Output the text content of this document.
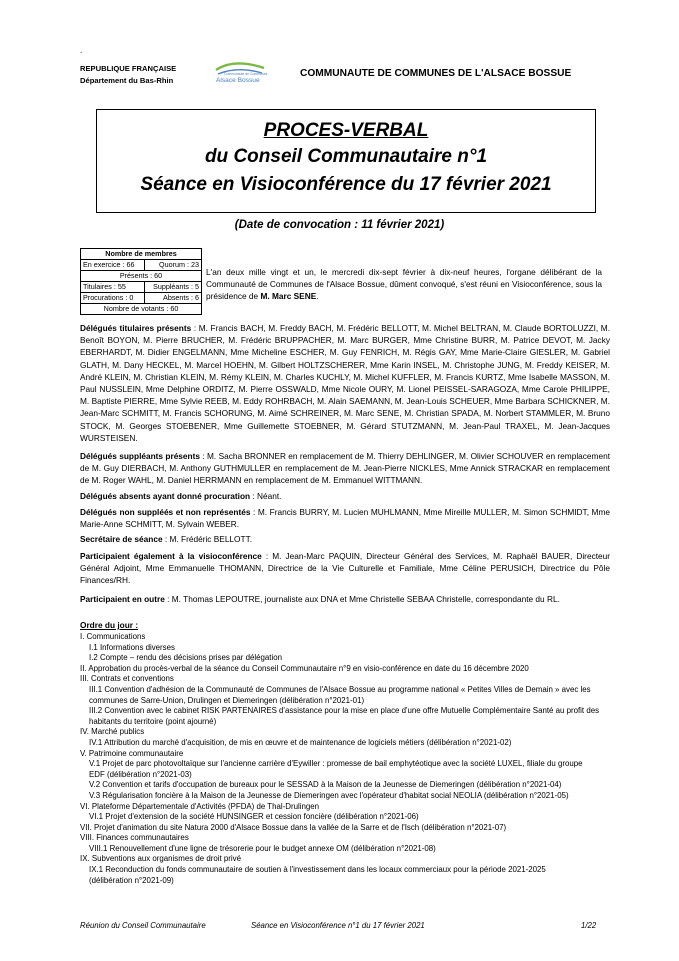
.
REPUBLIQUE FRANÇAISE
Département du Bas-Rhin
Communauté de Communes
Alsace Bossue
COMMUNAUTE DE COMMUNES DE L'ALSACE BOSSUE
PROCES-VERBAL
du Conseil Communautaire n°1
Séance en Visioconférence du 17 février 2021
(Date de convocation : 11 février 2021)
Nombre de membres	
En exercice : 66	Quorum : 23
Présents : 60	
Titulaires : 55	Suppléants : 5
Procurations : 0	Absents : 6
Nombre de votants : 60	
L'an deux mille vingt et un, le mercredi dix-sept février à dix-neuf heures, l'organe délibérant de la Communauté de Communes de l'Alsace Bossue, dûment convoqué, s'est réuni en Visioconférence, sous la présidence de M. Marc SENE.
Délégués titulaires présents : M. Francis BACH, M. Freddy BACH, M. Frédéric BELLOTT, M. Michel BELTRAN, M. Claude BORTOLUZZI, M. Benoît BOYON, M. Pierre BRUCHER, M. Frédéric BRUPPACHER, M. Marc BURGER, Mme Christine BURR, M. Patrice DEVOT, M. Jacky EBERHARDT, M. Didier ENGELMANN, Mme Micheline ESCHER, M. Guy FENRICH, M. Régis GAY, Mme Marie-Claire GIESLER, M. Gabriel GLATH, M. Dany HECKEL, M. Marcel HOEHN, M. Gilbert HOLTZSCHERER, Mme Karin INSEL, M. Christophe JUNG, M. Freddy KEISER, M. André KLEIN, M. Christian KLEIN, M. Rémy KLEIN, M. Charles KUCHLY, M. Michel KUFFLER, M. Francis KURTZ, Mme Isabelle MASSON, M. Paul NUSSLEIN, Mme Delphine ORDITZ, M. Pierre OSSWALD, Mme Nicole OURY, M. Lionel PEISSEL-SARAGOZA, Mme Carole PHILIPPE, M. Baptiste PIERRE, Mme Sylvie REEB, M. Eddy ROHRBACH, M. Alain SAEMANN, M. Jean-Louis SCHEUER, Mme Barbara SCHICKNER, M. Jean-Marc SCHMITT, M. Francis SCHORUNG, M. Aimé SCHREINER, M. Marc SENE, M. Christian SPADA, M. Norbert STAMMLER, M. Bruno STOCK, M. Georges STOEBENER, Mme Guillemette STOEBNER, M. Gérard STUTZMANN, M. Jean-Paul TRAXEL, M. Jean-Jacques WURSTEISEN.
Délégués suppléants présents : M. Sacha BRONNER en remplacement de M. Thierry DEHLINGER, M. Olivier SCHOUVER en remplacement de M. Guy DIERBACH, M. Anthony GUTHMULLER en remplacement de M. Jean-Pierre NICKLES, Mme Annick STRACKAR en remplacement de M. Roger WAHL, M. Daniel HERRMANN en remplacement de M. Emmanuel WITTMANN.
Délégués absents ayant donné procuration : Néant.
Délégués non suppléés et non représentés : M. Francis BURRY, M. Lucien MUHLMANN, Mme Mireille MULLER, M. Simon SCHMIDT, Mme Marie-Anne SCHMITT, M. Sylvain WEBER.
Secrétaire de séance : M. Frédéric BELLOTT.
Participaient également à la visioconférence : M. Jean-Marc PAQUIN, Directeur Général des Services, M. Raphaël BAUER, Directeur Général Adjoint, Mme Emmanuelle THOMANN, Directrice de la Vie Culturelle et Familiale, Mme Céline PERUSICH, Directrice du Pôle Finances/RH.
Participaient en outre : M. Thomas LEPOUTRE, journaliste aux DNA et Mme Christelle SEBAA Christelle, correspondante du RL.
Ordre du jour :
I. Communications
I.1 Informations diverses
I.2 Compte – rendu des décisions prises par délégation
II. Approbation du procès-verbal de la séance du Conseil Communautaire n°9 en visio-conférence en date du 16 décembre 2020
III. Contrats et conventions
III.1 Convention d'adhésion de la Communauté de Communes de l'Alsace Bossue au programme national « Petites Villes de Demain » avec les
communes de Sarre-Union, Drulingen et Diemeringen (délibération n°2021-01)
III.2 Convention avec le cabinet RISK PARTENAIRES d'assistance pour la mise en place d'une offre Mutuelle Complémentaire Santé au profit des
habitants du territoire (point ajourné)
IV. Marché publics
IV.1 Attribution du marché d'acquisition, de mis en œuvre et de maintenance de logiciels métiers (délibération n°2021-02)
V. Patrimoine communautaire
V.1 Projet de parc photovoltaïque sur l'ancienne carrière d'Eywiller : promesse de bail emphytéotique avec la société LUXEL, filiale du groupe
EDF (délibération n°2021-03)
V.2 Convention et tarifs d'occupation de bureaux pour le SESSAD à la Maison de la Jeunesse de Diemeringen (délibération n°2021-04)
V.3 Régularisation foncière à la Maison de la Jeunesse de Diemeringen avec l'opérateur d'habitat social NEOLIA (délibération n°2021-05)
VI. Plateforme Départementale d'Activités (PFDA) de Thal-Drulingen
VI.1 Projet d'extension de la société HUNSINGER et cession foncière (délibération n°2021-06)
VII. Projet d'animation du site Natura 2000 d'Alsace Bossue dans la vallée de la Sarre et de l'Isch (délibération n°2021-07)
VIII. Finances communautaires
VIII.1 Renouvellement d'une ligne de trésorerie pour le budget annexe OM (délibération n°2021-08)
IX. Subventions aux organismes de droit privé
IX.1 Reconduction du fonds communautaire de soutien à l'investissement dans les locaux commerciaux pour la période 2021-2025
(délibération n°2021-09)
Réunion du Conseil Communautaire	Séance en Visioconférence n°1 du 17 février 2021	1/22
